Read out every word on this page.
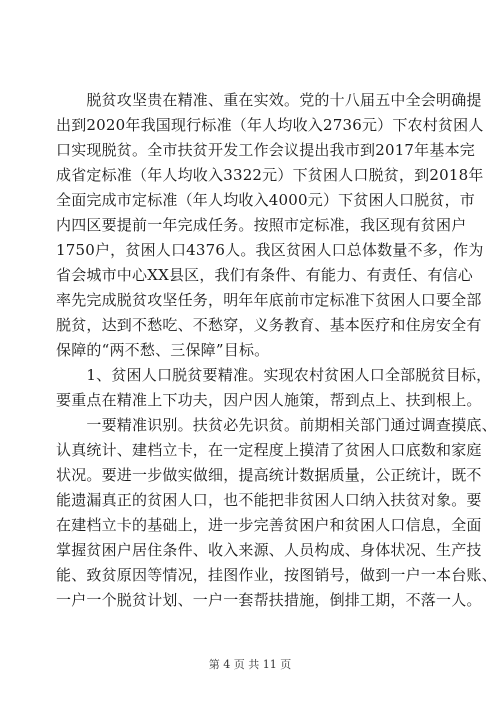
　　脱贫攻坚贵在精准、重在实效。党的十八届五中全会明确提

出到2020年我国现行标准（年人均收入2736元）下农村贫困人

口实现脱贫。全市扶贫开发工作会议提出我市到2017年基本完

成省定标准（年人均收入3322元）下贫困人口脱贫，到2018年

全面完成市定标准（年人均收入4000元）下贫困人口脱贫，市

内四区要提前一年完成任务。按照市定标准，我区现有贫困户

1750户，贫困人口4376人。我区贫困人口总体数量不多，作为

省会城市中心XX县区，我们有条件、有能力、有责任、有信心

率先完成脱贫攻坚任务，明年年底前市定标准下贫困人口要全部

脱贫，达到不愁吃、不愁穿，义务教育、基本医疗和住房安全有

保障的“两不愁、三保障”目标。

　　1、贫困人口脱贫要精准。实现农村贫困人口全部脱贫目标，

要重点在精准上下功夫，因户因人施策，帮到点上、扶到根上。

　　一要精准识别。扶贫必先识贫。前期相关部门通过调查摸底、

认真统计、建档立卡，在一定程度上摸清了贫困人口底数和家庭

状况。要进一步做实做细，提高统计数据质量，公正统计，既不

能遗漏真正的贫困人口，也不能把非贫困人口纳入扶贫对象。要

在建档立卡的基础上，进一步完善贫困户和贫困人口信息，全面

掌握贫困户居住条件、收入来源、人员构成、身体状况、生产技

能、致贫原因等情况，挂图作业，按图销号，做到一户一本台账、

一户一个脱贫计划、一户一套帮扶措施，倒排工期，不落一人。

第 4 页 共 11 页
